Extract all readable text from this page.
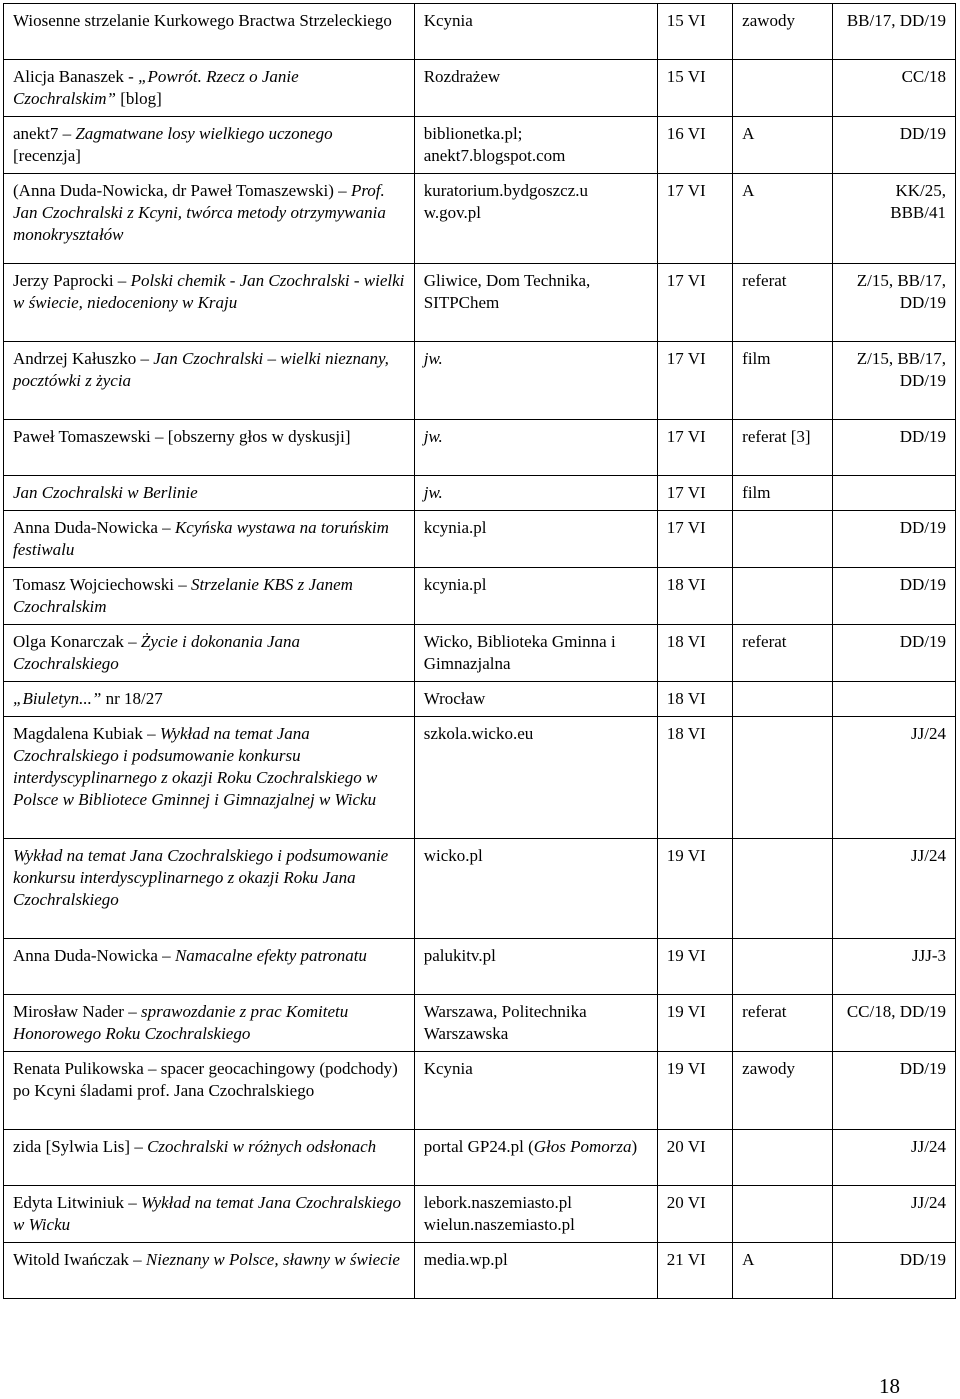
Wiosenne strzelanie Kurkowego Bractwa Strzeleckiego	Kcynia	15 VI	zawody	BB/17, DD/19
Alicja Banaszek - „Powrót. Rzecz o Janie Czochralskim” [blog]	Rozdrażew	15 VI		CC/18
anekt7 – Zagmatwane losy wielkiego uczonego [recenzja]	biblionetka.pl; anekt7.blogspot.com	16 VI	A	DD/19
(Anna Duda-Nowicka, dr Paweł Tomaszewski) – Prof. Jan Czochralski z Kcyni, twórca metody otrzymywania monokryształów	kuratorium.bydgoszcz.u w.gov.pl	17 VI	A	KK/25, BBB/41
Jerzy Paprocki – Polski chemik - Jan Czochralski - wielki w świecie, niedoceniony w Kraju	Gliwice, Dom Technika, SITPChem	17 VI	referat	Z/15, BB/17, DD/19
Andrzej Kałuszko – Jan Czochralski – wielki nieznany, pocztówki z życia	jw.	17 VI	film	Z/15, BB/17, DD/19
Paweł Tomaszewski – [obszerny głos w dyskusji]	jw.	17 VI	referat [3]	DD/19
Jan Czochralski w Berlinie	jw.	17 VI	film	
Anna Duda-Nowicka – Kcyńska wystawa na toruńskim festiwalu	kcynia.pl	17 VI		DD/19
Tomasz Wojciechowski – Strzelanie KBS z Janem Czochralskim	kcynia.pl	18 VI		DD/19
Olga Konarczak – Życie i dokonania Jana Czochralskiego	Wicko, Biblioteka Gminna i Gimnazjalna	18 VI	referat	DD/19
„Biuletyn...” nr 18/27	Wrocław	18 VI		
Magdalena Kubiak – Wykład na temat Jana Czochralskiego i podsumowanie konkursu interdyscyplinarnego z okazji Roku Czochralskiego w Polsce w Bibliotece Gminnej i Gimnazjalnej w Wicku	szkola.wicko.eu	18 VI		JJ/24
Wykład na temat Jana Czochralskiego i podsumowanie konkursu interdyscyplinarnego z okazji Roku Jana Czochralskiego	wicko.pl	19 VI		JJ/24
Anna Duda-Nowicka – Namacalne efekty patronatu	palukitv.pl	19 VI		JJJ-3
Mirosław Nader – sprawozdanie z prac Komitetu Honorowego Roku Czochralskiego	Warszawa, Politechnika Warszawska	19 VI	referat	CC/18, DD/19
Renata Pulikowska – spacer geocachingowy (podchody) po Kcyni śladami prof. Jana Czochralskiego	Kcynia	19 VI	zawody	DD/19
zida [Sylwia Lis] – Czochralski w różnych odsłonach	portal GP24.pl (Głos Pomorza)	20 VI		JJ/24
Edyta Litwiniuk – Wykład na temat Jana Czochralskiego w Wicku	lebork.naszemiasto.pl wielun.naszemiasto.pl	20 VI		JJ/24
Witold Iwańczak – Nieznany w Polsce, sławny w świecie	media.wp.pl	21 VI	A	DD/19
18
